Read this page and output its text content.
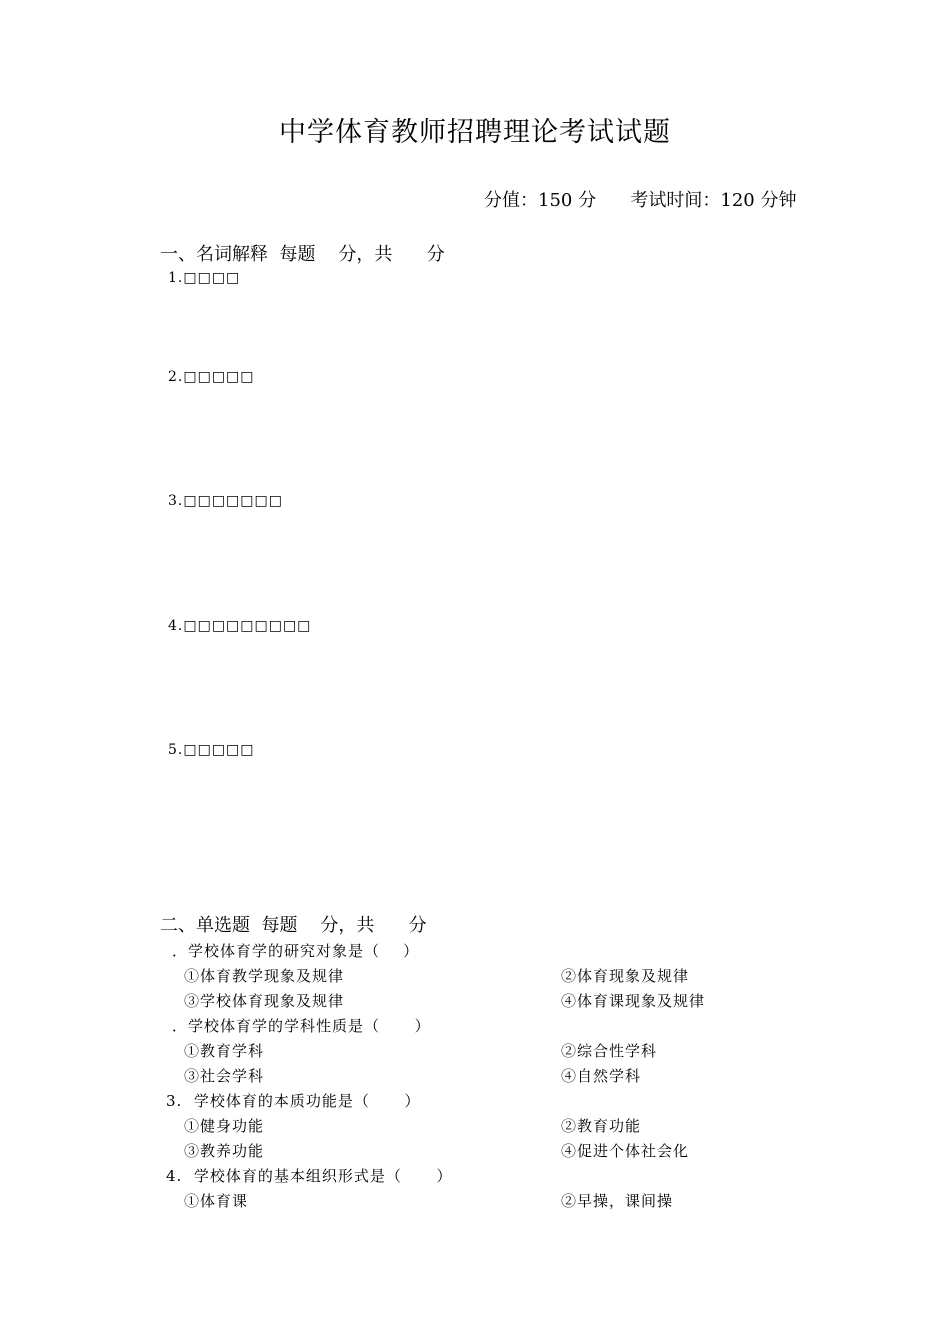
中学体育教师招聘理论考试试题
分值：150 分      考试时间：120 分钟
一、名词解释  每题    分，共      分
1.□□□□
2.□□□□□
3.□□□□□□□
4.□□□□□□□□□
5.□□□□□
二、单选题  每题    分，共      分
．学校体育学的研究对象是（    ）
①体育教学现象及规律	②体育现象及规律
③学校体育现象及规律	④体育课现象及规律
．学校体育学的学科性质是（      ）
①教育学科	②综合性学科
③社会学科	④自然学科
3.  学校体育的本质功能是（      ）
①健身功能	②教育功能
③教养功能	④促进个体社会化
4.  学校体育的基本组织形式是（      ）
①体育课	②早操，课间操
